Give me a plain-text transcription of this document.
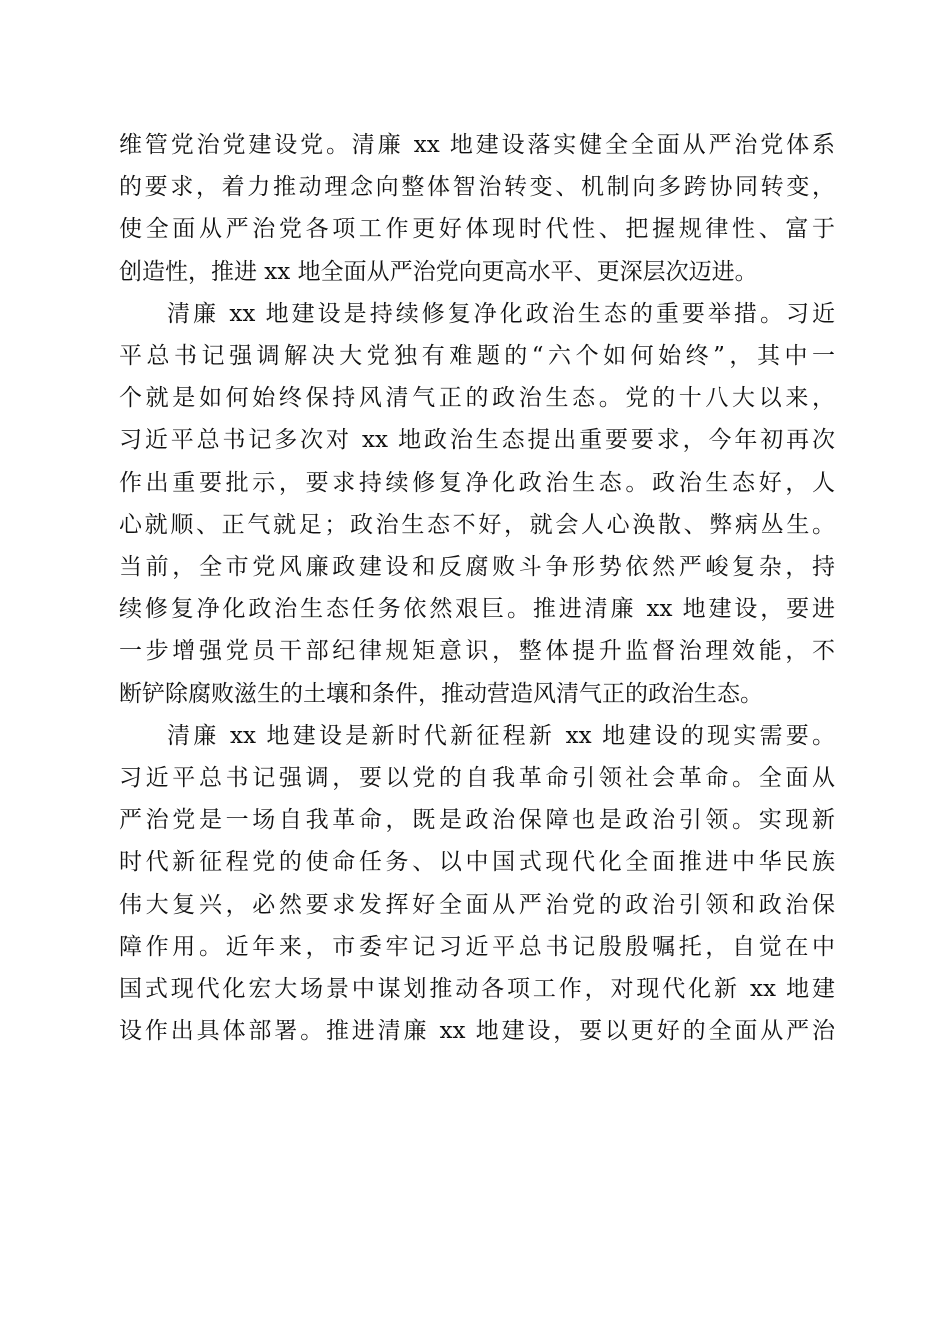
维管党治党建设党。清廉 xx 地建设落实健全全面从严治党体系
的要求，着力推动理念向整体智治转变、机制向多跨协同转变，
使全面从严治党各项工作更好体现时代性、把握规律性、富于
创造性，推进 xx 地全面从严治党向更高水平、更深层次迈进。
清廉 xx 地建设是持续修复净化政治生态的重要举措。习近
平总书记强调解决大党独有难题的“六个如何始终”，其中一
个就是如何始终保持风清气正的政治生态。党的十八大以来，
习近平总书记多次对 xx 地政治生态提出重要要求，今年初再次
作出重要批示，要求持续修复净化政治生态。政治生态好，人
心就顺、正气就足；政治生态不好，就会人心涣散、弊病丛生。
当前，全市党风廉政建设和反腐败斗争形势依然严峻复杂，持
续修复净化政治生态任务依然艰巨。推进清廉 xx 地建设，要进
一步增强党员干部纪律规矩意识，整体提升监督治理效能，不
断铲除腐败滋生的土壤和条件，推动营造风清气正的政治生态。
清廉 xx 地建设是新时代新征程新 xx 地建设的现实需要。
习近平总书记强调，要以党的自我革命引领社会革命。全面从
严治党是一场自我革命，既是政治保障也是政治引领。实现新
时代新征程党的使命任务、以中国式现代化全面推进中华民族
伟大复兴，必然要求发挥好全面从严治党的政治引领和政治保
障作用。近年来，市委牢记习近平总书记殷殷嘱托，自觉在中
国式现代化宏大场景中谋划推动各项工作，对现代化新 xx 地建
设作出具体部署。推进清廉 xx 地建设，要以更好的全面从严治
